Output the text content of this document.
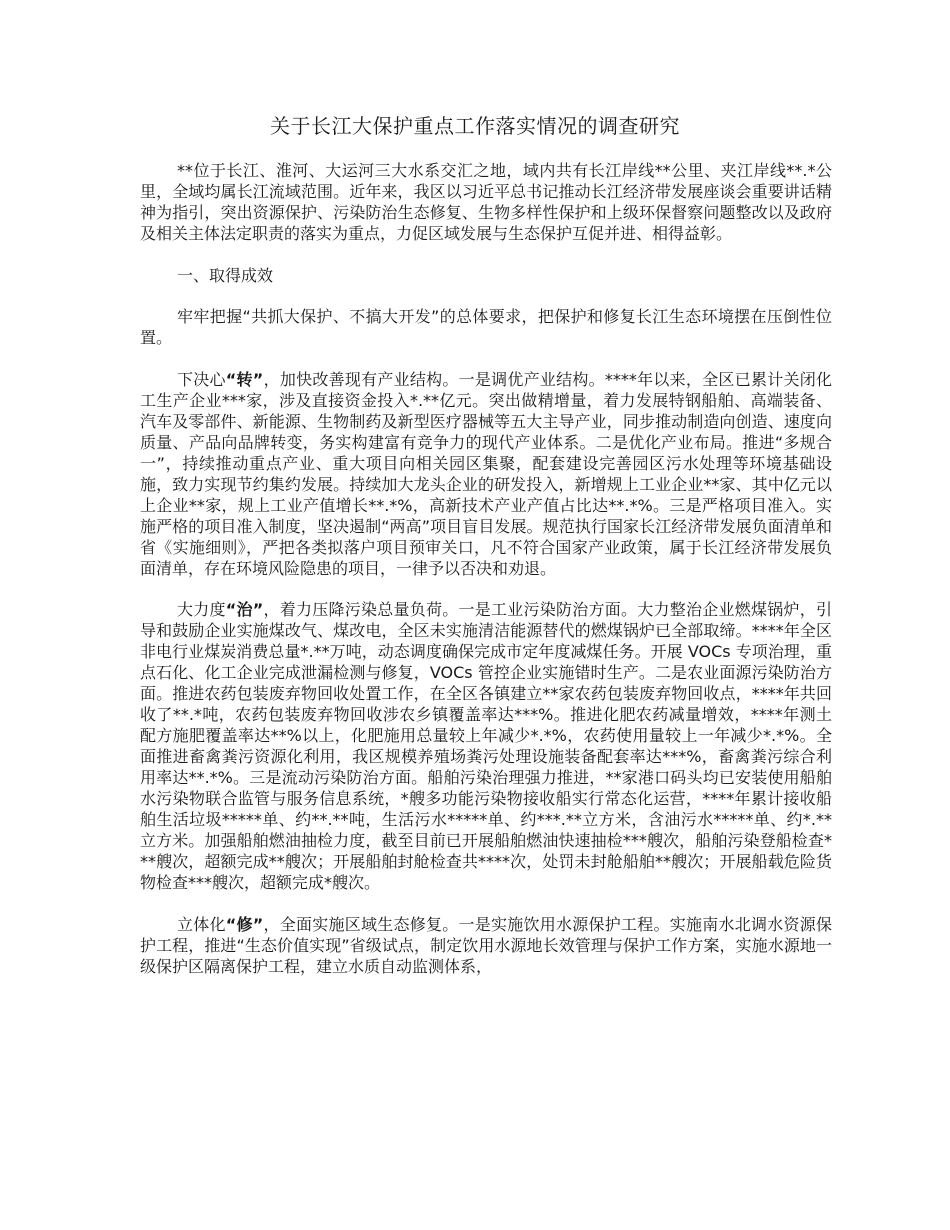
关于长江大保护重点工作落实情况的调查研究

**位于长江、淮河、大运河三大水系交汇之地，域内共有长江岸线**公里、夹江岸线**.*公里，全域均属长江流域范围。近年来，我区以习近平总书记推动长江经济带发展座谈会重要讲话精神为指引，突出资源保护、污染防治生态修复、生物多样性保护和上级环保督察问题整改以及政府及相关主体法定职责的落实为重点，力促区域发展与生态保护互促并进、相得益彰。

一、取得成效

牢牢把握“共抓大保护、不搞大开发”的总体要求，把保护和修复长江生态环境摆在压倒性位置。

下决心“转”，加快改善现有产业结构。一是调优产业结构。****年以来，全区已累计关闭化工生产企业***家，涉及直接资金投入*.**亿元。突出做精增量，着力发展特钢船舶、高端装备、汽车及零部件、新能源、生物制药及新型医疗器械等五大主导产业，同步推动制造向创造、速度向质量、产品向品牌转变，务实构建富有竞争力的现代产业体系。二是优化产业布局。推进“多规合一”，持续推动重点产业、重大项目向相关园区集聚，配套建设完善园区污水处理等环境基础设施，致力实现节约集约发展。持续加大龙头企业的研发投入，新增规上工业企业**家、其中亿元以上企业**家，规上工业产值增长**.*%，高新技术产业产值占比达**.*%。三是严格项目准入。实施严格的项目准入制度，坚决遏制“两高”项目盲目发展。规范执行国家长江经济带发展负面清单和省《实施细则》，严把各类拟落户项目预审关口，凡不符合国家产业政策，属于长江经济带发展负面清单，存在环境风险隐患的项目，一律予以否决和劝退。

大力度“治”，着力压降污染总量负荷。一是工业污染防治方面。大力整治企业燃煤锅炉，引导和鼓励企业实施煤改气、煤改电，全区未实施清洁能源替代的燃煤锅炉已全部取缔。****年全区非电行业煤炭消费总量*.**万吨，动态调度确保完成市定年度减煤任务。开展 VOCs 专项治理，重点石化、化工企业完成泄漏检测与修复，VOCs 管控企业实施错时生产。二是农业面源污染防治方面。推进农药包装废弃物回收处置工作，在全区各镇建立**家农药包装废弃物回收点，****年共回收了**.*吨，农药包装废弃物回收涉农乡镇覆盖率达***%。推进化肥农药减量增效，****年测土配方施肥覆盖率达**%以上，化肥施用总量较上年减少*.*%，农药使用量较上一年减少*.*%。全面推进畜禽粪污资源化利用，我区规模养殖场粪污处理设施装备配套率达***%，畜禽粪污综合利用率达**.*%。三是流动污染防治方面。船舶污染治理强力推进，**家港口码头均已安装使用船舶水污染物联合监管与服务信息系统，*艘多功能污染物接收船实行常态化运营，****年累计接收船舶生活垃圾*****单、约**.**吨，生活污水*****单、约***.**立方米，含油污水*****单、约*.**立方米。加强船舶燃油抽检力度，截至目前已开展船舶燃油快速抽检***艘次，船舶污染登船检查***艘次，超额完成**艘次；开展船舶封舱检查共****次，处罚未封舱船舶**艘次；开展船载危险货物检查***艘次，超额完成*艘次。

立体化“修”，全面实施区域生态修复。一是实施饮用水源保护工程。实施南水北调水资源保护工程，推进“生态价值实现”省级试点，制定饮用水源地长效管理与保护工作方案，实施水源地一级保护区隔离保护工程，建立水质自动监测体系，
